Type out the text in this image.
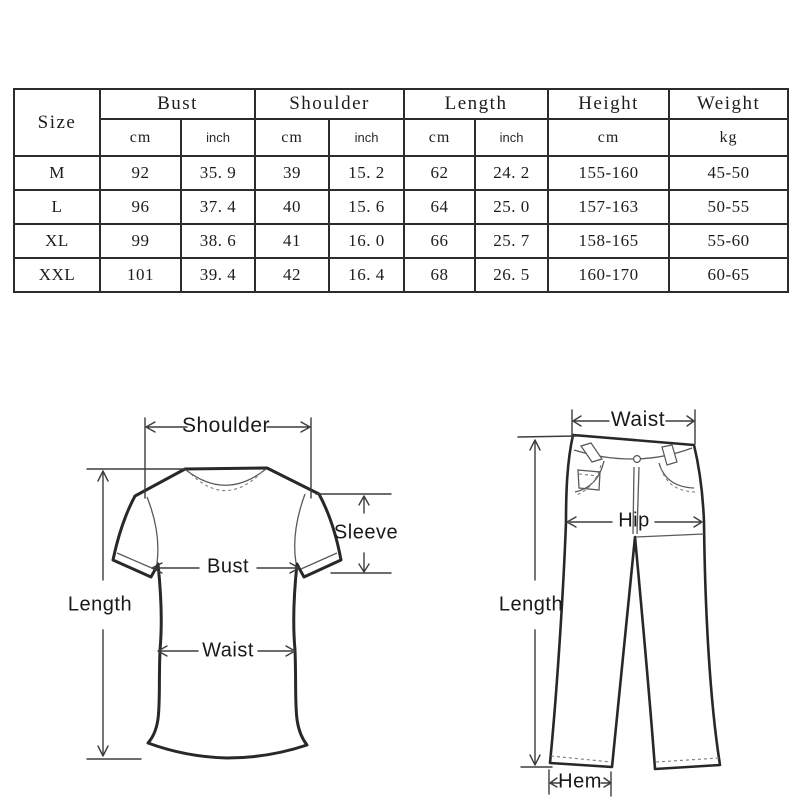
Size	Bust		Shoulder		Length		Height	Weight
	cm	inch	cm	inch	cm	inch	cm	kg
M	92	35. 9	39	15. 2	62	24. 2	155-160	45-50
L	96	37. 4	40	15. 6	64	25. 0	157-163	50-55
XL	99	38. 6	41	16. 0	66	25. 7	158-165	55-60
XXL	101	39. 4	42	16. 4	68	26. 5	160-170	60-65
Shoulder
Sleeve
Bust
Waist
Length
Waist
Hip
Length
Hem
